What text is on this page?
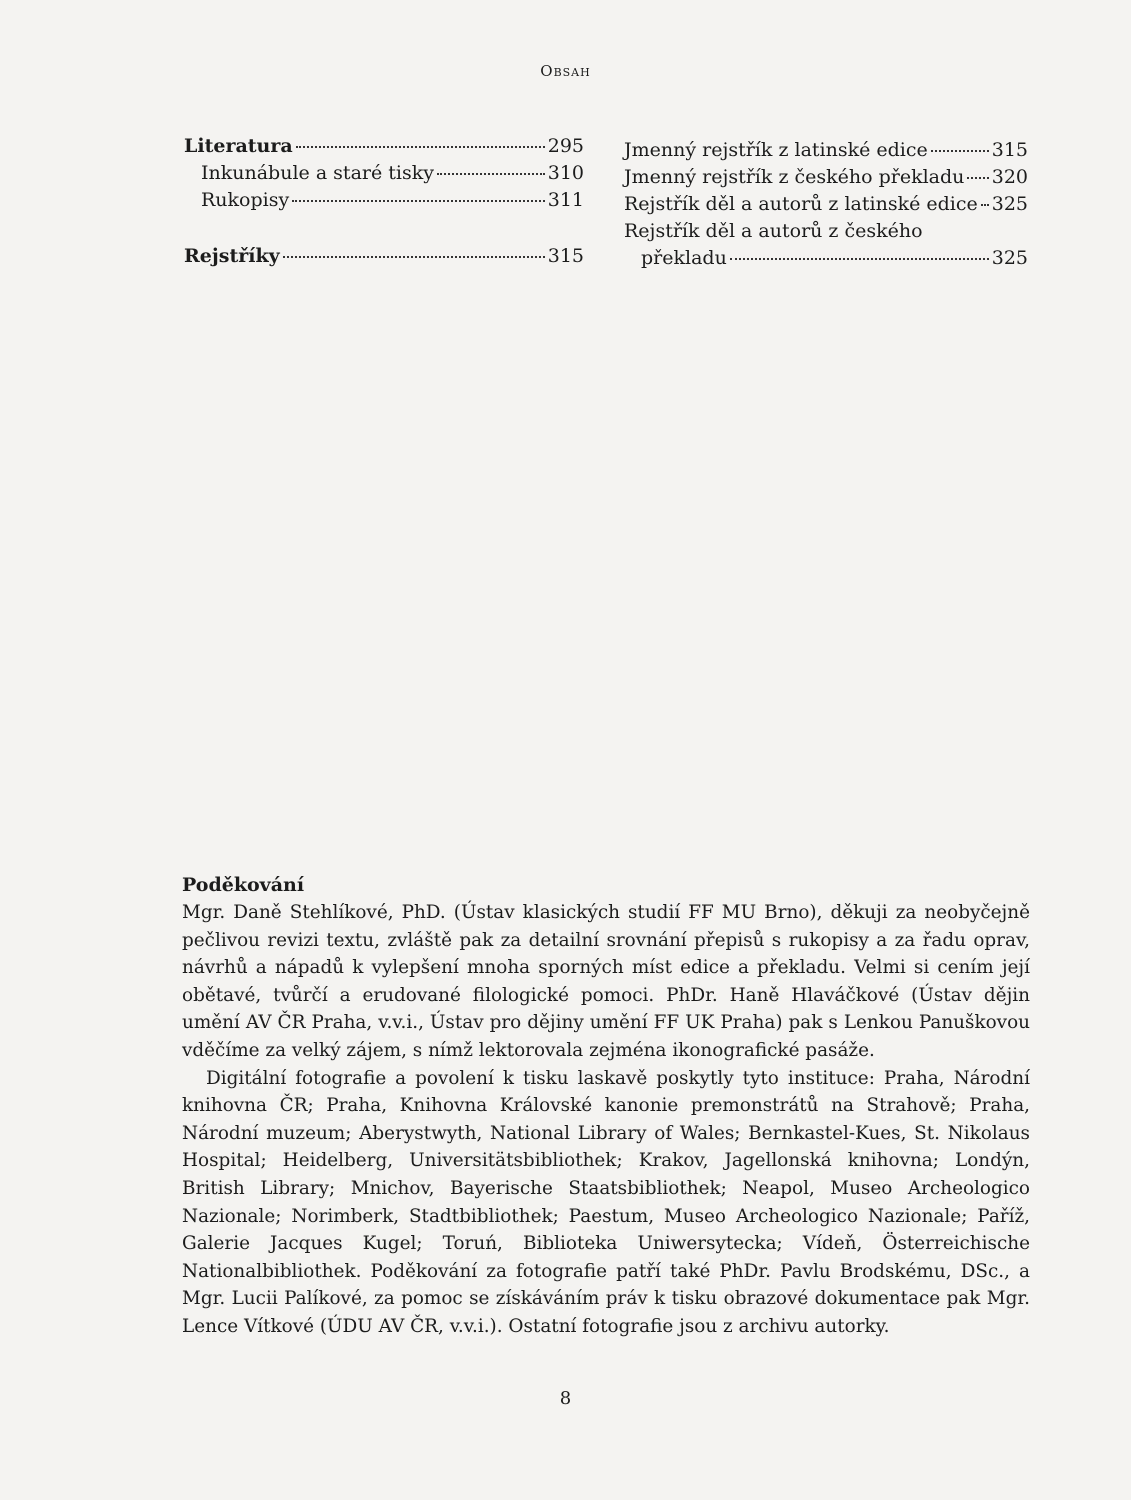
Obsah
Literatura	295
Inkunábule a staré tisky	310
Rukopisy	311
Rejstříky	315
Jmenný rejstřík z latinské edice	315
Jmenný rejstřík z českého překladu 320
Rejstřík děl a autorů z latinské edice 325
Rejstřík děl a autorů z českého
překladu	325
Poděkování

Mgr. Daně Stehlíkové, PhD. (Ústav klasických studií FF MU Brno), děkuji za neobyčejně pečlivou revizi textu, zvláště pak za detailní srovnání přepisů s rukopisy a za řadu oprav, návrhů a nápadů k vylepšení mnoha sporných míst edice a překladu. Velmi si cením její obětavé, tvůrčí a erudované filologické pomoci. PhDr. Haně Hlaváčkové (Ústav dějin umění AV ČR Praha, v.v.i., Ústav pro dějiny umění FF UK Praha) pak s Lenkou Panuškovou vděčíme za velký zájem, s nímž lektorovala zejména ikonografické pasáže.

Digitální fotografie a povolení k tisku laskavě poskytly tyto instituce: Praha, Národní knihovna ČR; Praha, Knihovna Královské kanonie premonstrátů na Strahově; Praha, Národní muzeum; Aberystwyth, National Library of Wales; Bernkastel-Kues, St. Nikolaus Hospital; Heidelberg, Universitätsbibliothek; Krakov, Jagellonská knihovna; Londýn, British Library; Mnichov, Bayerische Staatsbibliothek; Neapol, Museo Archeologico Nazionale; Norimberk, Stadtbibliothek; Paestum, Museo Archeologico Nazionale; Paříž, Galerie Jacques Kugel; Toruń, Biblioteka Uniwersytecka; Vídeň, Österreichische Nationalbibliothek. Poděkování za fotografie patří také PhDr. Pavlu Brodskému, DSc., a Mgr. Lucii Palíkové, za pomoc se získáváním práv k tisku obrazové dokumentace pak Mgr. Lence Vítkové (ÚDU AV ČR, v.v.i.). Ostatní fotografie jsou z archivu autorky.

8
